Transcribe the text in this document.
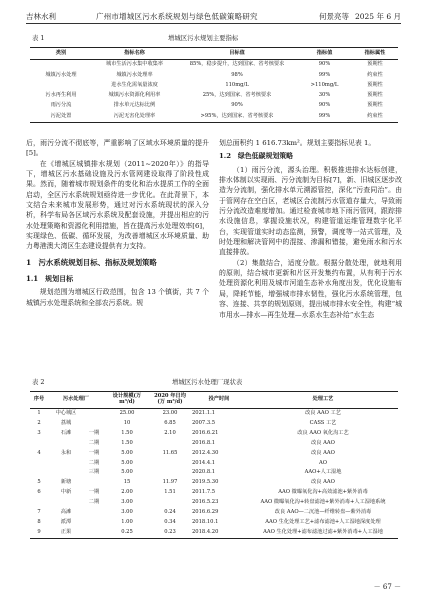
吉林水利	广州市增城区污水系统规划与绿色低碳策略研究	何景亮等 2025 年 6 月
表 1	增城区污水规划主要指标
类别	指标名称	目标值	指标值	指标属性
	城市生活污水集中收集率	85%，稳步提升，达到国家、省考核要求	90%	预期性
城镇污水处理	城镇污水处理率	98%	99%	约束性
	进水生化需氧量浓度	110mg/L	>110mg/L	预期性
污水再生利用	城镇污水资源化利用率	25%，达到国家、省考核要求	30%	预期性
雨污分流	排水单元达标比例	90%	90%	预期性
污泥处置	污泥无害化处理率	>95%，达到国家、省考核要求	99%	约束性

后，雨污分流不彻底等，严重影响了区域水环境质量的提升[5]。

在《增城区城镇排水规划（2011~2020年）》的指导下，增城区污水基础设施及污水管网建设取得了阶段性成果。然而，随着城市规划条件的变化和治水提质工作的全面启动，全区污水系统规划亟待进一步优化。在此背景下，本文结合未来城市发展形势，通过对污水系统现状的深入分析，科学布局各区域污水系统及配套设施，并提出相应的污水处理策略和资源化利用措施，旨在提高污水处理效率[6]，实现绿色、低碳、循环发展，为改善增城区水环境质量、助力粤港澳大湾区生态建设提供有力支持。

1　污水系统规划目标、指标及规划策略
1.1　规划目标

规划范围为增城区行政范围，包含 13 个镇街，共 7 个城镇污水处理系统和全部农污系统。规

划总面积约 1 616.73km²。规划主要指标见表 1。

1.2　绿色低碳规划策略

（1）雨污分流，源头治理。积极推进排水达标创建，排水体制以实现雨、污分流制为目标[7]，新、旧城区逐步改造为分流制，强化排水单元溯源管控，深化“污查同治”。由于管网存在空白区，老城区合流制污水管道存量大，导致雨污分流改造难度增加。通过检查城市地下雨污管网，跟踪排水设施信息，掌握设施状况，构建管道运维管理数字化平台，实现管道实时动态监测，预警，调度等一站式管理，及时处理和解决管网中的混接、渗漏和错接，避免雨水和污水直接排放。

（2）集散结合，适度分散。根据分散处理，就地利用的原则，结合城市更新和片区开发集约布置，从有利于污水处理资源化利用及城市河道生态补水角度出发，优化设施布局，降耗节能，增强城市排水韧性，强化污水系统管理，包容、连接、共享的规划原则，提出城市排水安全性，构建“城市用水—排水—再生处理—水系水生态补给”水生态

表 2	增城区污水处理厂现状表
序号	污水处理厂		设计规模(万 m³/d)	2020 年日均(万 m³/d)	投产时间	处理工艺
1	中心城区		25.00	23.00	2021.1.1	改良 AAO 工艺
2	荔城		10	6.85	2007.3.5	CASS 工艺
3	石滩	一期	1.50	2.10	2016.6.21	改良 AAO 氧化沟工艺
		二期	1.50		2016.8.1	改良 AAO
4	永和	一期	5.00	11.65	2012.4.30	改良 AAO
		二期	5.00		2014.4.1	AO
		三期	5.00		2020.8.1	AAO+人工湿地
5	新塘		15	11.97	2019.5.30	改良 AAO
6	中新	一期	2.00	1.51	2011.7.5	AAO 微曝氧化沟+高效滤池+紫外消毒
		二期	3.00		2016.5.23	AAO 微曝氧化沟+转盘滤池+紫外消毒+人工湿地系统
7	高滩		3.00	0.24	2016.6.29	改良 AAO—二沉池—纤维转盘—紫外消毒
8	派潭		1.00	0.34	2018.10.1	AAO 生化处理工艺+滤布滤池+人工湿地深度处理
9	正果		0.25	0.23	2018.4.20	AAO 生化处理+滤布滤池过滤+紫外消毒+人工湿地
－ 67 －
